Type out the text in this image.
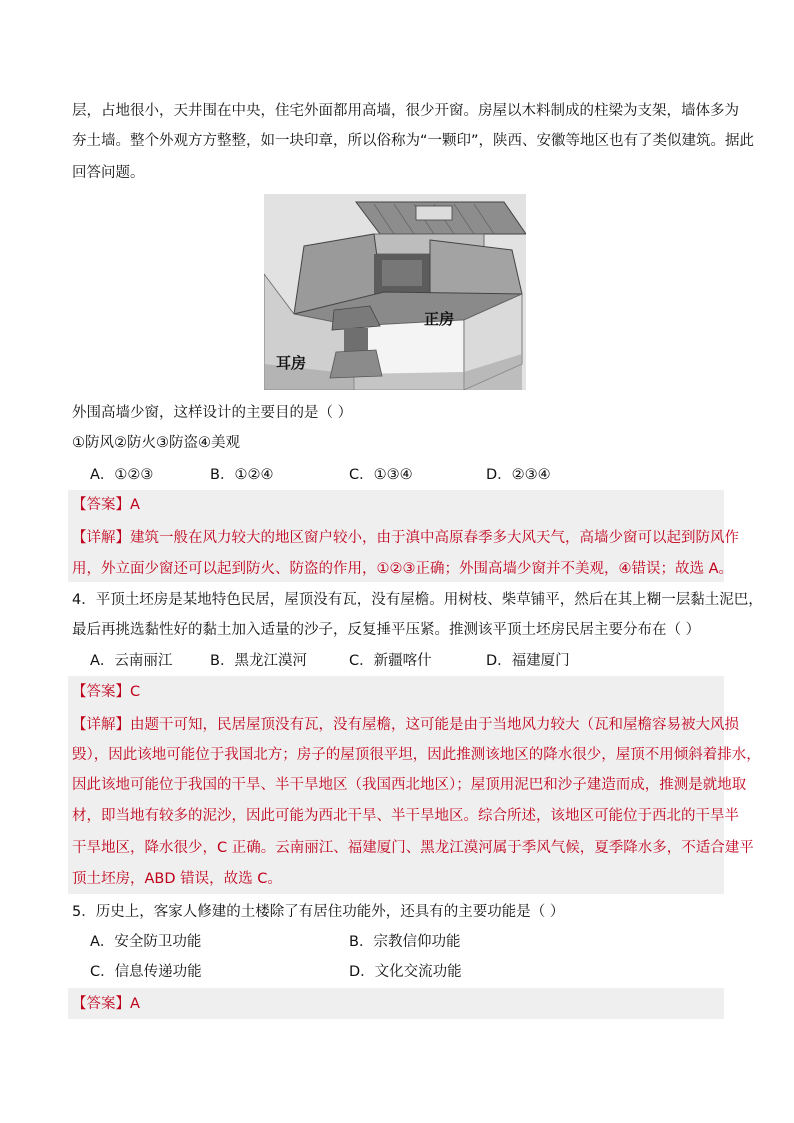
层，占地很小，天井围在中央，住宅外面都用高墙，很少开窗。房屋以木料制成的柱梁为支架，墙体多为
夯土墙。整个外观方方整整，如一块印章，所以俗称为“一颗印”，陕西、安徽等地区也有了类似建筑。据此
回答问题。
正房
耳房
外围高墙少窗，这样设计的主要目的是（ ）
①防风②防火③防盗④美观
A．①②③	B．①②④	C．①③④	D．②③④
【答案】A
【详解】建筑一般在风力较大的地区窗户较小，由于滇中高原春季多大风天气，高墙少窗可以起到防风作
用，外立面少窗还可以起到防火、防盗的作用，①②③正确；外围高墙少窗并不美观，④错误；故选 A。
4．平顶土坯房是某地特色民居，屋顶没有瓦，没有屋檐。用树枝、柴草铺平，然后在其上糊一层黏土泥巴，
最后再挑选黏性好的黏土加入适量的沙子，反复捶平压紧。推测该平顶土坯房民居主要分布在（ ）
A．云南丽江	B．黑龙江漠河	C．新疆喀什	D．福建厦门
【答案】C
【详解】由题干可知，民居屋顶没有瓦，没有屋檐，这可能是由于当地风力较大（瓦和屋檐容易被大风损
毁），因此该地可能位于我国北方；房子的屋顶很平坦，因此推测该地区的降水很少，屋顶不用倾斜着排水，
因此该地可能位于我国的干旱、半干旱地区（我国西北地区）；屋顶用泥巴和沙子建造而成，推测是就地取
材，即当地有较多的泥沙，因此可能为西北干旱、半干旱地区。综合所述，该地区可能位于西北的干旱半
干旱地区，降水很少，C 正确。云南丽江、福建厦门、黑龙江漠河属于季风气候，夏季降水多，不适合建平
顶土坯房，ABD 错误，故选 C。
5．历史上，客家人修建的土楼除了有居住功能外，还具有的主要功能是（ ）
A．安全防卫功能	B．宗教信仰功能
C．信息传递功能	D．文化交流功能
【答案】A
